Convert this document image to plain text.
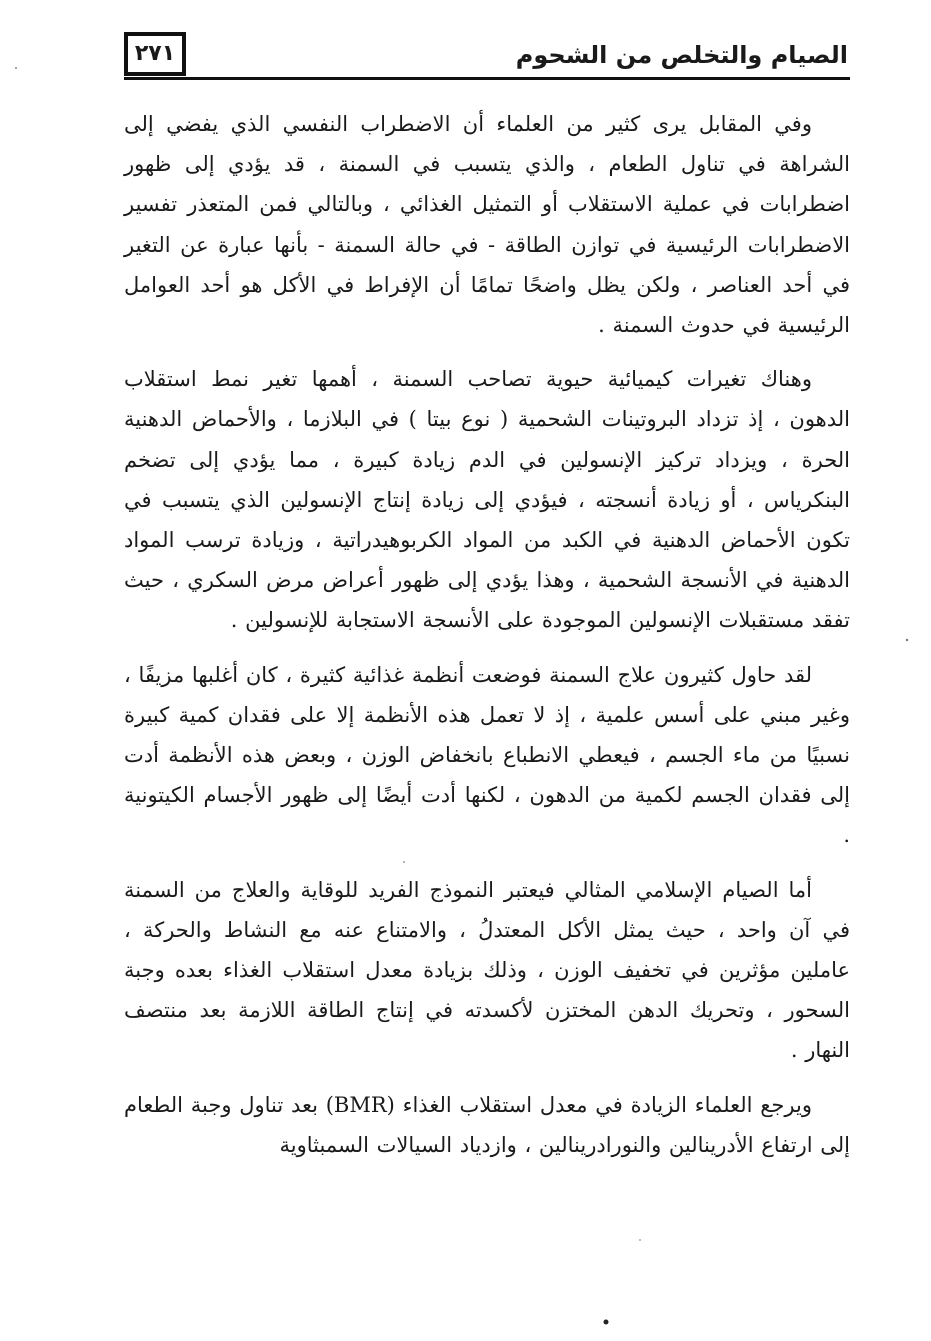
٢٧١	الصيام والتخلص من الشحوم

وفي المقابل يرى كثير من العلماء أن الاضطراب النفسي الذي يفضي إلى الشراهة في تناول الطعام ، والذي يتسبب في السمنة ، قد يؤدي إلى ظهور اضطرابات في عملية الاستقلاب أو التمثيل الغذائي ، وبالتالي فمن المتعذر تفسير الاضطرابات الرئيسية في توازن الطاقة - في حالة السمنة - بأنها عبارة عن التغير في أحد العناصر ، ولكن يظل واضحًا تمامًا أن الإفراط في الأكل هو أحد العوامل الرئيسية في حدوث السمنة .

وهناك تغيرات كيميائية حيوية تصاحب السمنة ، أهمها تغير نمط استقلاب الدهون ، إذ تزداد البروتينات الشحمية ( نوع بيتا ) في البلازما ، والأحماض الدهنية الحرة ، ويزداد تركيز الإنسولين في الدم زيادة كبيرة ، مما يؤدي إلى تضخم البنكرياس ، أو زيادة أنسجته ، فيؤدي إلى زيادة إنتاج الإنسولين الذي يتسبب في تكون الأحماض الدهنية في الكبد من المواد الكربوهيدراتية ، وزيادة ترسب المواد الدهنية في الأنسجة الشحمية ، وهذا يؤدي إلى ظهور أعراض مرض السكري ، حيث تفقد مستقبلات الإنسولين الموجودة على الأنسجة الاستجابة للإنسولين .

لقد حاول كثيرون علاج السمنة فوضعت أنظمة غذائية كثيرة ، كان أغلبها مزيفًا ، وغير مبني على أسس علمية ، إذ لا تعمل هذه الأنظمة إلا على فقدان كمية كبيرة نسبيًا من ماء الجسم ، فيعطي الانطباع بانخفاض الوزن ، وبعض هذه الأنظمة أدت إلى فقدان الجسم لكمية من الدهون ، لكنها أدت أيضًا إلى ظهور الأجسام الكيتونية .

أما الصيام الإسلامي المثالي فيعتبر النموذج الفريد للوقاية والعلاج من السمنة في آن واحد ، حيث يمثل الأكل المعتدلُ ، والامتناع عنه مع النشاط والحركة ، عاملين مؤثرين في تخفيف الوزن ، وذلك بزيادة معدل استقلاب الغذاء بعده وجبة السحور ، وتحريك الدهن المختزن لأكسدته في إنتاج الطاقة اللازمة بعد منتصف النهار .

ويرجع العلماء الزيادة في معدل استقلاب الغذاء (BMR) بعد تناول وجبة الطعام إلى ارتفاع الأدرينالين والنورادرينالين ، وازدياد السيالات السمبثاوية
